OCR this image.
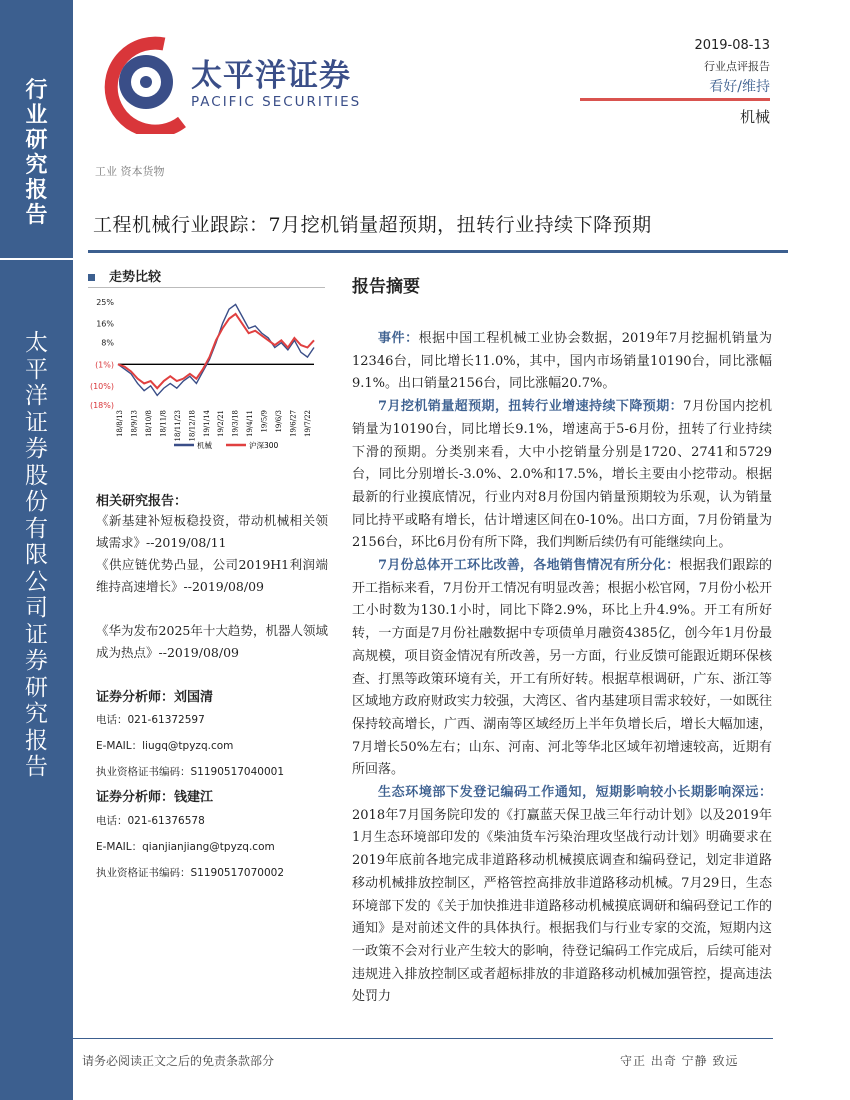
行
业
研
究
报
告
太
平
洋
证
券
股
份
有
限
公
司
证
券
研
究
报
告
太平洋证券
PACIFIC SECURITIES
2019-08-13
行业点评报告
看好/维持
机械
工业 资本货物
工程机械行业跟踪：7月挖机销量超预期，扭转行业持续下降预期
走势比较
25%
16%
8%
(1%)
(10%)
(18%)
18/8/13 18/9/13 18/10/8 18/11/8 18/11/23 18/12/18 19/1/14 19/2/21 19/3/18 19/4/11 19/5/9 19/6/3 19/6/27 19/7/22
机械	沪深300
相关研究报告：
《新基建补短板稳投资，带动机械相关领域需求》--2019/08/11
《供应链优势凸显，公司2019H1利润端维持高速增长》--2019/08/09
《华为发布2025年十大趋势，机器人领域成为热点》--2019/08/09
证券分析师：刘国清
电话：021-61372597
E-MAIL：liugq@tpyzq.com
执业资格证书编码：S1190517040001
证券分析师：钱建江
电话：021-61376578
E-MAIL：qianjianjiang@tpyzq.com
执业资格证书编码：S1190517070002
报告摘要

事件：根据中国工程机械工业协会数据，2019年7月挖掘机销量为12346台，同比增长11.0%，其中，国内市场销量10190台，同比涨幅9.1%。出口销量2156台，同比涨幅20.7%。

7月挖机销量超预期，扭转行业增速持续下降预期：7月份国内挖机销量为10190台，同比增长9.1%，增速高于5-6月份，扭转了行业持续下滑的预期。分类别来看，大中小挖销量分别是1720、2741和5729台，同比分别增长-3.0%、2.0%和17.5%，增长主要由小挖带动。根据最新的行业摸底情况，行业内对8月份国内销量预期较为乐观，认为销量同比持平或略有增长，估计增速区间在0-10%。出口方面，7月份销量为2156台，环比6月份有所下降，我们判断后续仍有可能继续向上。

7月份总体开工环比改善，各地销售情况有所分化：根据我们跟踪的开工指标来看，7月份开工情况有明显改善；根据小松官网，7月份小松开工小时数为130.1小时，同比下降2.9%，环比上升4.9%。开工有所好转，一方面是7月份社融数据中专项债单月融资4385亿，创今年1月份最高规模，项目资金情况有所改善，另一方面，行业反馈可能跟近期环保核查、打黑等政策环境有关，开工有所好转。根据草根调研，广东、浙江等区域地方政府财政实力较强，大湾区、省内基建项目需求较好，一如既往保持较高增长，广西、湖南等区域经历上半年负增长后，增长大幅加速，7月增长50%左右；山东、河南、河北等华北区域年初增速较高，近期有所回落。

生态环境部下发登记编码工作通知，短期影响较小长期影响深远：2018年7月国务院印发的《打赢蓝天保卫战三年行动计划》以及2019年1月生态环境部印发的《柴油货车污染治理攻坚战行动计划》明确要求在2019年底前各地完成非道路移动机械摸底调查和编码登记，划定非道路移动机械排放控制区，严格管控高排放非道路移动机械。7月29日，生态环境部下发的《关于加快推进非道路移动机械摸底调研和编码登记工作的通知》是对前述文件的具体执行。根据我们与行业专家的交流，短期内这一政策不会对行业产生较大的影响，待登记编码工作完成后，后续可能对违规进入排放控制区或者超标排放的非道路移动机械加强管控，提高违法处罚力

请务必阅读正文之后的免责条款部分	守正 出奇 宁静 致远
